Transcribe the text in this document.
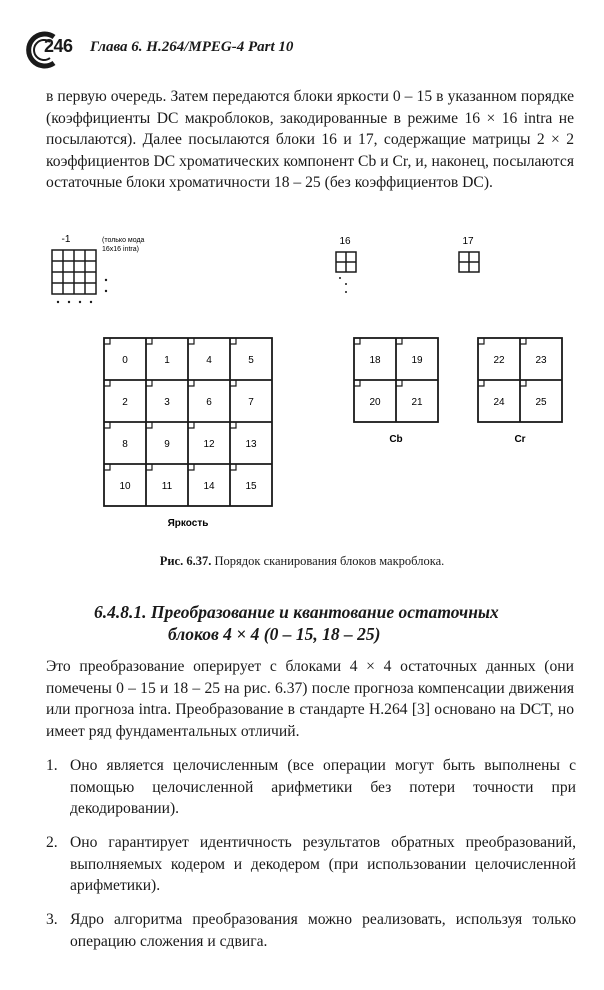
246 Глава 6. H.264/MPEG-4 Part 10

в первую очередь. Затем передаются блоки яркости 0 – 15 в указанном порядке (коэффициенты DC макроблоков, закодированные в режиме 16 × 16 intra не посылаются). Далее посылаются блоки 16 и 17, содержащие матрицы 2 × 2 коэффициентов DC хроматических компонент Cb и Cr, и, наконец, посылаются остаточные блоки хроматичности 18 – 25 (без коэффициентов DC).

-1	(только мода
16x16 intra)
16	17
0	1	4	5
2	3	6	7
8	9	12	13
10	11	14	15
Яркость
18	19
20	21
Cb
22	23
24	25
Cr
Рис. 6.37. Порядок сканирования блоков макроблока.
6.4.8.1. Преобразование и квантование остаточных
блоков 4 × 4 (0 – 15, 18 – 25)

Это преобразование оперирует с блоками 4 × 4 остаточных данных (они помечены 0 – 15 и 18 – 25 на рис. 6.37) после прогноза компенсации движения или прогноза intra. Преобразование в стандарте H.264 [3] основано на DCT, но имеет ряд фундаментальных отличий.

1. Оно является целочисленным (все операции могут быть выполнены с помощью целочисленной арифметики без потери точности при декодировании).
2. Оно гарантирует идентичность результатов обратных преобразований, выполняемых кодером и декодером (при использовании целочисленной арифметики).
3. Ядро алгоритма преобразования можно реализовать, используя только операцию сложения и сдвига.
